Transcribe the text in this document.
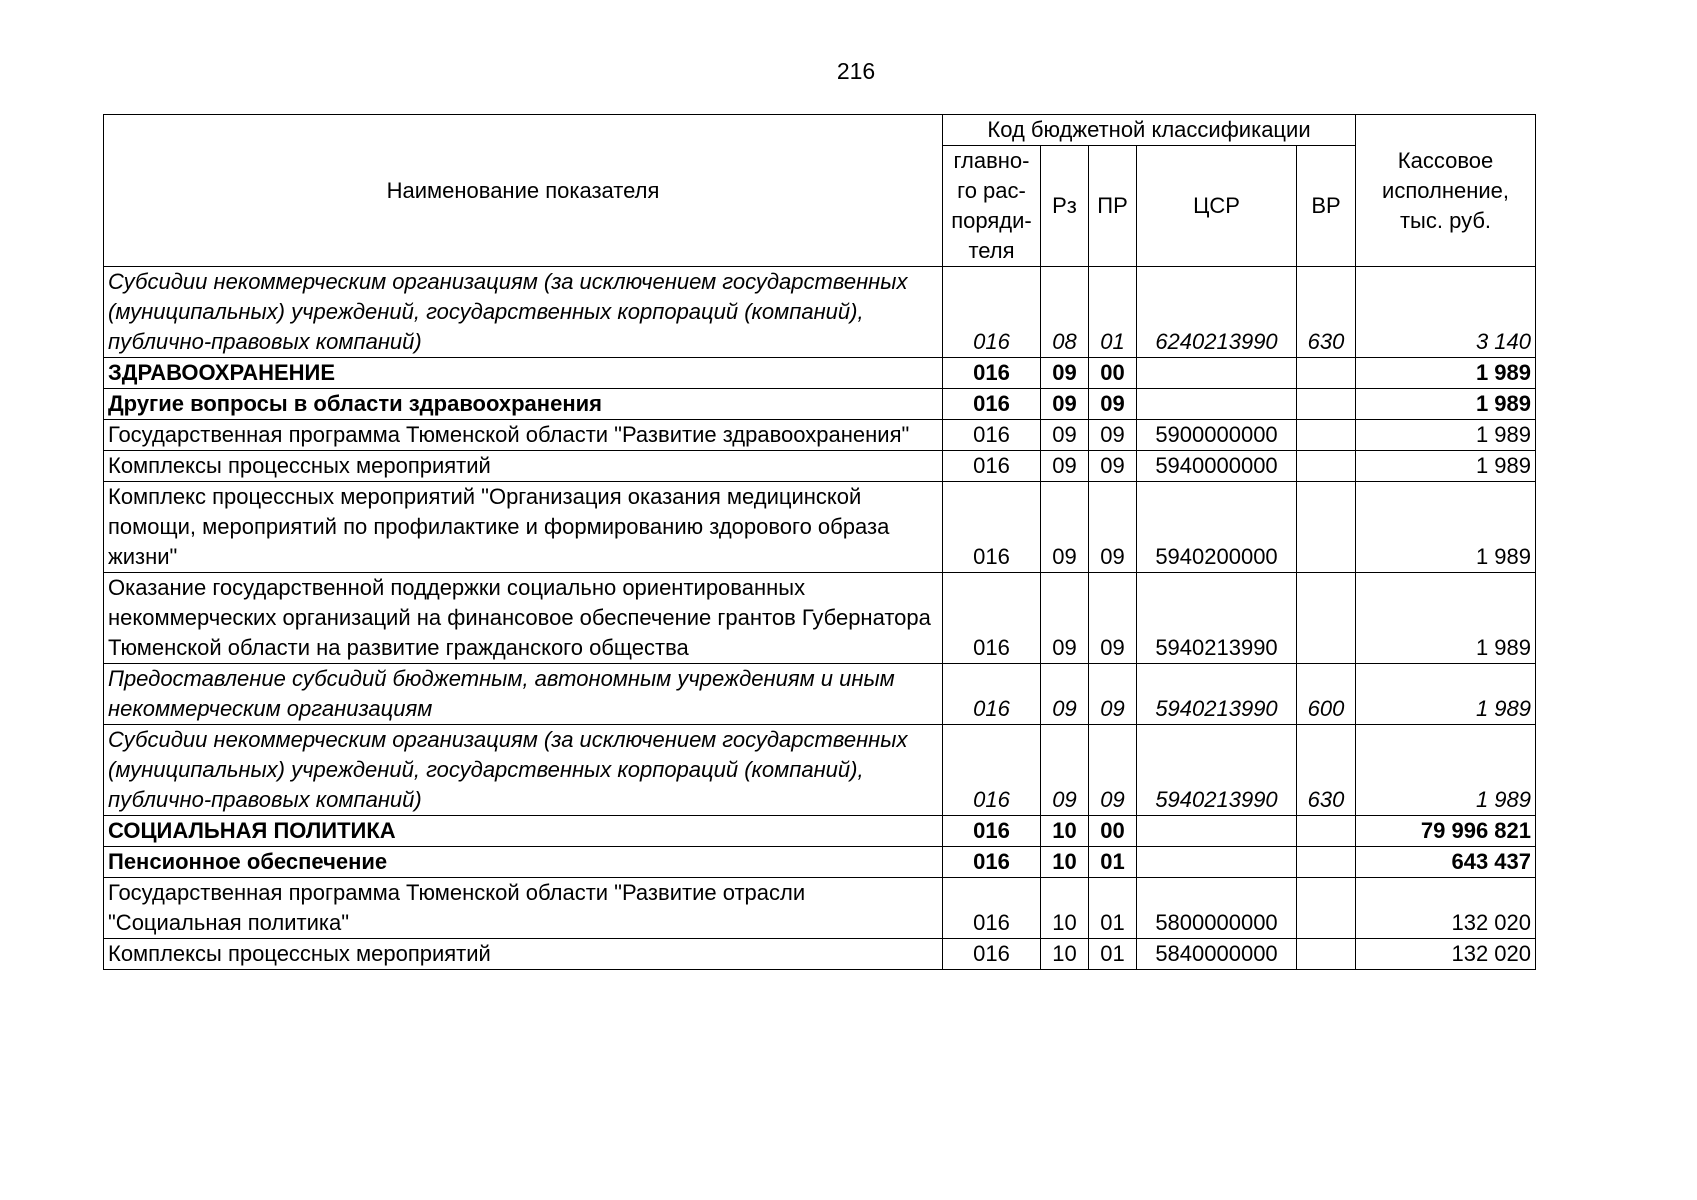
216
Наименование показателя	Код бюджетной классификации					Кассовое исполнение, тыс. руб.
	главно-го рас-поряди-теля	Рз	ПР	ЦСР	ВР	
Субсидии некоммерческим организациям (за исключением государственных (муниципальных) учреждений, государственных корпораций (компаний), публично-правовых компаний)	016	08	01	6240213990	630	3 140
ЗДРАВООХРАНЕНИЕ	016	09	00			1 989
Другие вопросы в области здравоохранения	016	09	09			1 989
Государственная программа Тюменской области "Развитие здравоохранения"	016	09	09	5900000000		1 989
Комплексы процессных мероприятий	016	09	09	5940000000		1 989
Комплекс процессных мероприятий "Организация оказания медицинской помощи, мероприятий по профилактике и формированию здорового образа жизни"	016	09	09	5940200000		1 989
Оказание государственной поддержки социально ориентированных некоммерческих организаций на финансовое обеспечение грантов Губернатора Тюменской области на развитие гражданского общества	016	09	09	5940213990		1 989
Предоставление субсидий бюджетным, автономным учреждениям и иным некоммерческим организациям	016	09	09	5940213990	600	1 989
Субсидии некоммерческим организациям (за исключением государственных (муниципальных) учреждений, государственных корпораций (компаний), публично-правовых компаний)	016	09	09	5940213990	630	1 989
СОЦИАЛЬНАЯ ПОЛИТИКА	016	10	00			79 996 821
Пенсионное обеспечение	016	10	01			643 437
Государственная программа Тюменской области "Развитие отрасли "Социальная политика"	016	10	01	5800000000		132 020
Комплексы процессных мероприятий	016	10	01	5840000000		132 020
